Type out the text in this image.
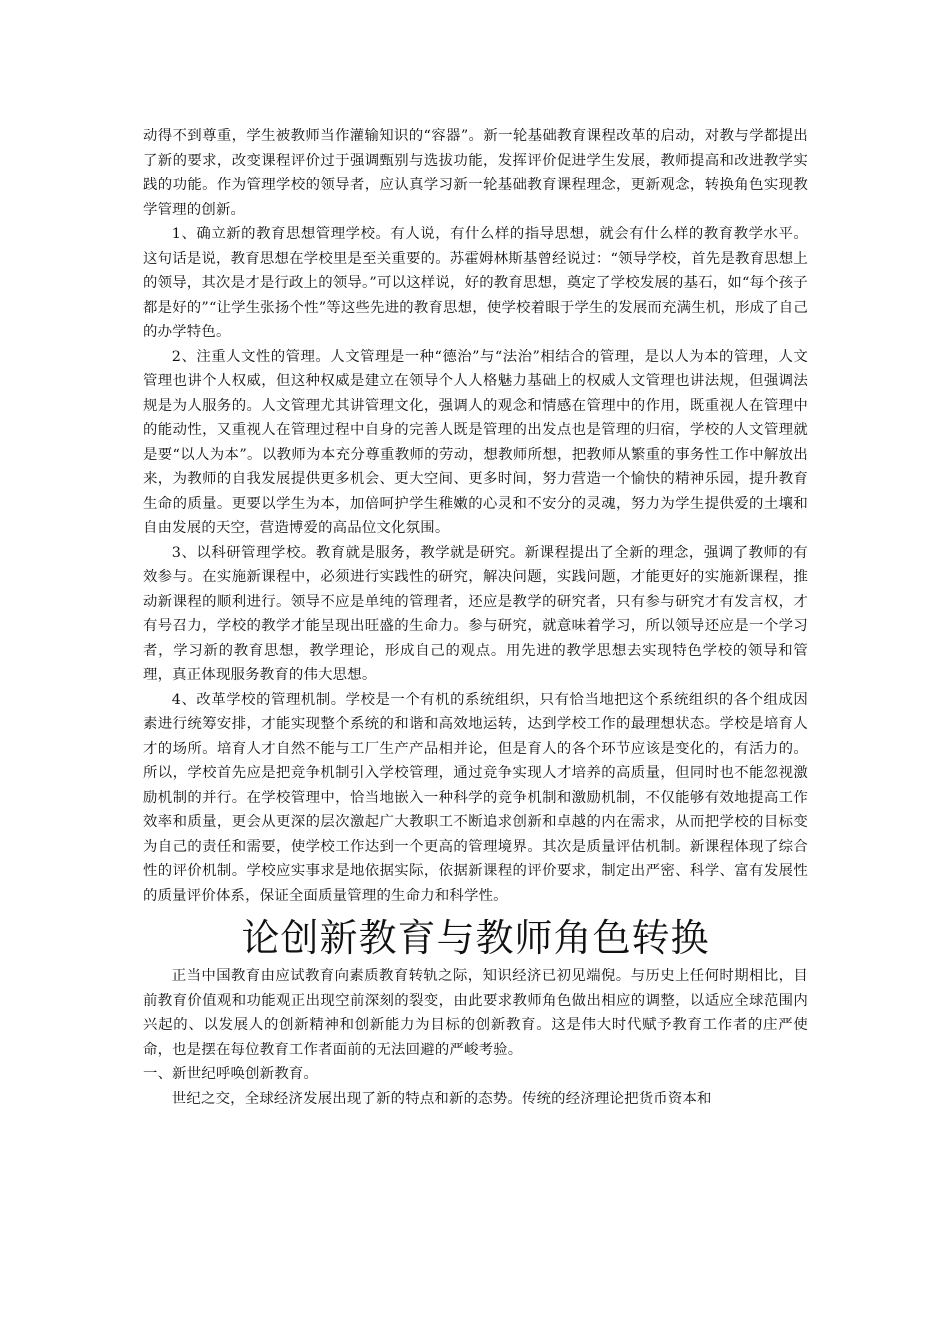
动得不到尊重，学生被教师当作灌输知识的“容器”。新一轮基础教育课程改革的启动，对教与学都提出了新的要求，改变课程评价过于强调甄别与选拔功能，发挥评价促进学生发展，教师提高和改进教学实践的功能。作为管理学校的领导者，应认真学习新一轮基础教育课程理念，更新观念，转换角色实现教学管理的创新。

1、确立新的教育思想管理学校。有人说，有什么样的指导思想，就会有什么样的教育教学水平。这句话是说，教育思想在学校里是至关重要的。苏霍姆林斯基曾经说过：“领导学校，首先是教育思想上的领导，其次是才是行政上的领导。”可以这样说，好的教育思想，奠定了学校发展的基石，如“每个孩子都是好的”“让学生张扬个性”等这些先进的教育思想，使学校着眼于学生的发展而充满生机，形成了自己的办学特色。

2、注重人文性的管理。人文管理是一种“德治”与“法治”相结合的管理，是以人为本的管理，人文管理也讲个人权威，但这种权威是建立在领导个人人格魅力基础上的权威人文管理也讲法规，但强调法规是为人服务的。人文管理尤其讲管理文化，强调人的观念和情感在管理中的作用，既重视人在管理中的能动性，又重视人在管理过程中自身的完善人既是管理的出发点也是管理的归宿，学校的人文管理就是要“以人为本”。以教师为本充分尊重教师的劳动，想教师所想，把教师从繁重的事务性工作中解放出来，为教师的自我发展提供更多机会、更大空间、更多时间，努力营造一个愉快的精神乐园，提升教育生命的质量。更要以学生为本，加倍呵护学生稚嫩的心灵和不安分的灵魂，努力为学生提供爱的土壤和自由发展的天空，营造博爱的高品位文化氛围。

3、以科研管理学校。教育就是服务，教学就是研究。新课程提出了全新的理念，强调了教师的有效参与。在实施新课程中，必须进行实践性的研究，解决问题，实践问题，才能更好的实施新课程，推动新课程的顺利进行。领导不应是单纯的管理者，还应是教学的研究者，只有参与研究才有发言权，才有号召力，学校的教学才能呈现出旺盛的生命力。参与研究，就意味着学习，所以领导还应是一个学习者，学习新的教育思想，教学理论，形成自己的观点。用先进的教学思想去实现特色学校的领导和管理，真正体现服务教育的伟大思想。

4、改革学校的管理机制。学校是一个有机的系统组织，只有恰当地把这个系统组织的各个组成因素进行统筹安排，才能实现整个系统的和谐和高效地运转，达到学校工作的最理想状态。学校是培育人才的场所。培育人才自然不能与工厂生产产品相并论，但是育人的各个环节应该是变化的，有活力的。所以，学校首先应是把竞争机制引入学校管理，通过竞争实现人才培养的高质量，但同时也不能忽视激励机制的并行。在学校管理中，恰当地嵌入一种科学的竞争机制和激励机制，不仅能够有效地提高工作效率和质量，更会从更深的层次激起广大教职工不断追求创新和卓越的内在需求，从而把学校的目标变为自己的责任和需要，使学校工作达到一个更高的管理境界。其次是质量评估机制。新课程体现了综合性的评价机制。学校应实事求是地依据实际，依据新课程的评价要求，制定出严密、科学、富有发展性的质量评价体系，保证全面质量管理的生命力和科学性。

论创新教育与教师角色转换

正当中国教育由应试教育向素质教育转轨之际，知识经济已初见端倪。与历史上任何时期相比，目前教育价值观和功能观正出现空前深刻的裂变，由此要求教师角色做出相应的调整，以适应全球范围内兴起的、以发展人的创新精神和创新能力为目标的创新教育。这是伟大时代赋予教育工作者的庄严使命，也是摆在每位教育工作者面前的无法回避的严峻考验。

一、新世纪呼唤创新教育。

世纪之交，全球经济发展出现了新的特点和新的态势。传统的经济理论把货币资本和
